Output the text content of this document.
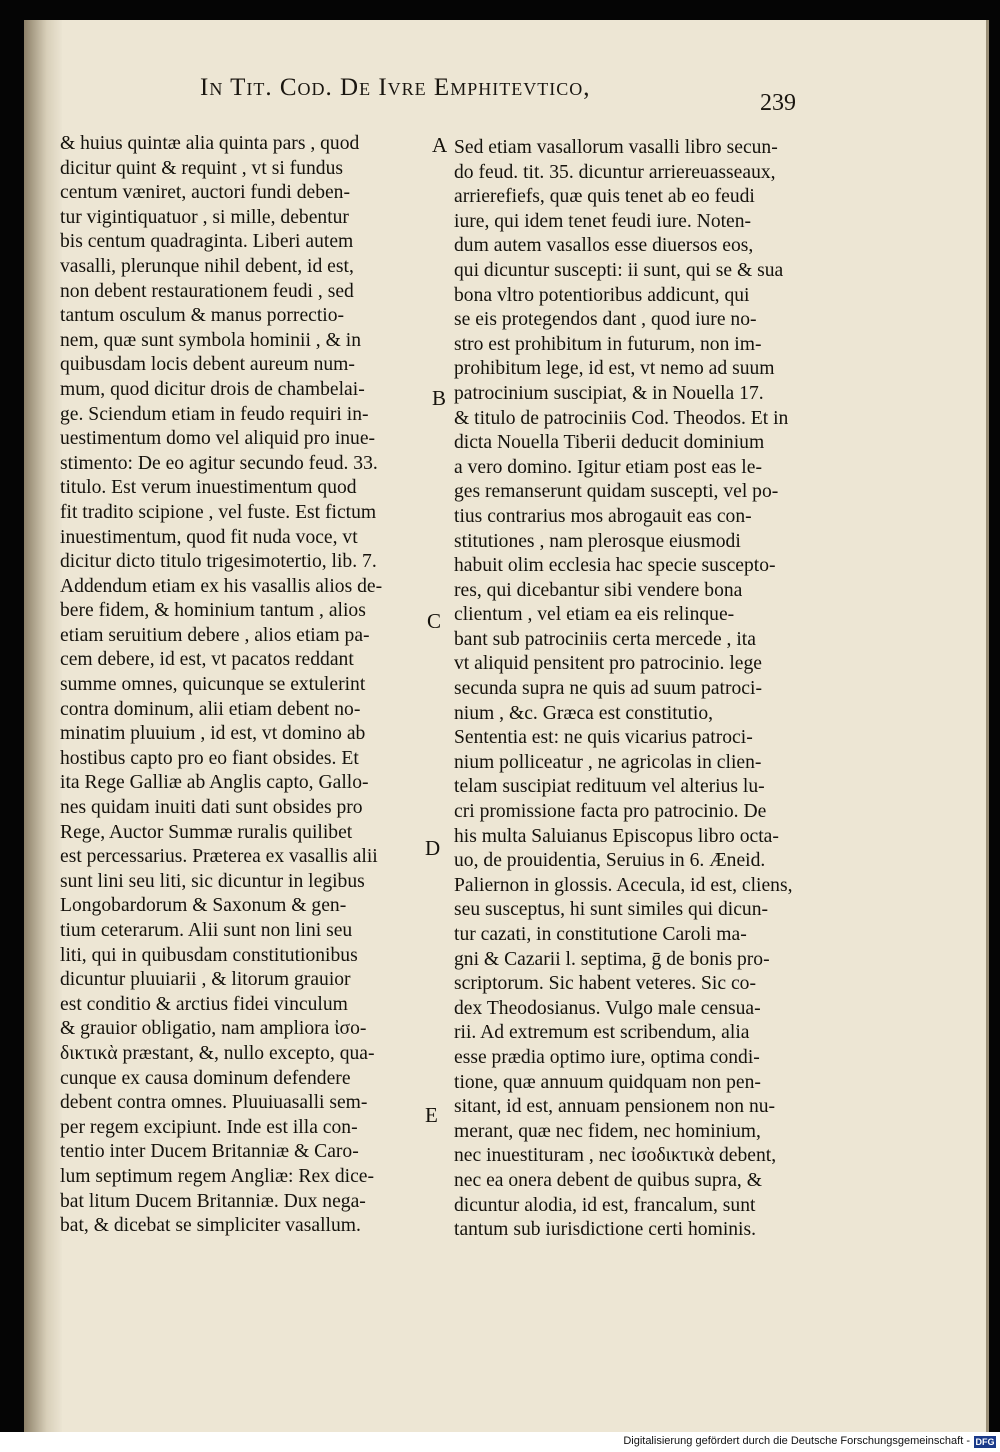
In Tit. Cod. De Ivre Emphitevtico,
239
& huius quintæ alia quinta pars , quod
dicitur quint & requint , vt si fundus
centum væniret, auctori fundi deben-
tur vigintiquatuor , si mille, debentur
bis centum quadraginta. Liberi autem
vasalli, plerunque nihil debent, id est,
non debent restaurationem feudi , sed
tantum osculum & manus porrectio-
nem, quæ sunt symbola hominii , & in
quibusdam locis debent aureum num-
mum, quod dicitur drois de chambelai-
ge. Sciendum etiam in feudo requiri in-
uestimentum domo vel aliquid pro inue-
stimento: De eo agitur secundo feud. 33.
titulo. Est verum inuestimentum quod
fit tradito scipione , vel fuste. Est fictum
inuestimentum, quod fit nuda voce, vt
dicitur dicto titulo trigesimotertio, lib. 7.
Addendum etiam ex his vasallis alios de-
bere fidem, & hominium tantum , alios
etiam seruitium debere , alios etiam pa-
cem debere, id est, vt pacatos reddant
summe omnes, quicunque se extulerint
contra dominum, alii etiam debent no-
minatim pluuium , id est, vt domino ab
hostibus capto pro eo fiant obsides. Et
ita Rege Galliæ ab Anglis capto, Gallo-
nes quidam inuiti dati sunt obsides pro
Rege, Auctor Summæ ruralis quilibet
est percessarius. Præterea ex vasallis alii
sunt lini seu liti, sic dicuntur in legibus
Longobardorum & Saxonum & gen-
tium ceterarum. Alii sunt non lini seu
liti, qui in quibusdam constitutionibus
dicuntur pluuiarii , & litorum grauior
est conditio & arctius fidei vinculum
& grauior obligatio, nam ampliora ἰσο-
δικτικὰ præstant, &, nullo excepto, qua-
cunque ex causa dominum defendere
debent contra omnes. Pluuiuasalli sem-
per regem excipiunt. Inde est illa con-
tentio inter Ducem Britanniæ & Caro-
lum septimum regem Angliæ: Rex dice-
bat litum Ducem Britanniæ. Dux nega-
bat, & dicebat se simpliciter vasallum.
Sed etiam vasallorum vasalli libro secun-
do feud. tit. 35. dicuntur arriereuasseaux,
arrierefiefs, quæ quis tenet ab eo feudi
iure, qui idem tenet feudi iure. Noten-
dum autem vasallos esse diuersos eos,
qui dicuntur suscepti: ii sunt, qui se & sua
bona vltro potentioribus addicunt, qui
se eis protegendos dant , quod iure no-
stro est prohibitum in futurum, non im-
prohibitum lege, id est, vt nemo ad suum
patrocinium suscipiat, & in Nouella 17.
& titulo de patrociniis Cod. Theodos. Et in
dicta Nouella Tiberii deducit dominium
a vero domino. Igitur etiam post eas le-
ges remanserunt quidam suscepti, vel po-
tius contrarius mos abrogauit eas con-
stitutiones , nam plerosque eiusmodi
habuit olim ecclesia hac specie suscepto-
res, qui dicebantur sibi vendere bona
clientum , vel etiam ea eis relinque-
bant sub patrociniis certa mercede , ita
vt aliquid pensitent pro patrocinio. lege
secunda supra ne quis ad suum patroci-
nium , &c. Græca est constitutio,
Sententia est: ne quis vicarius patroci-
nium polliceatur , ne agricolas in clien-
telam suscipiat redituum vel alterius lu-
cri promissione facta pro patrocinio. De
his multa Saluianus Episcopus libro octa-
uo, de prouidentia, Seruius in 6. Æneid.
Paliernon in glossis. Acecula, id est, cliens,
seu susceptus, hi sunt similes qui dicun-
tur cazati, in constitutione Caroli ma-
gni & Cazarii l. septima, ḡ de bonis pro-
scriptorum. Sic habent veteres. Sic co-
dex Theodosianus. Vulgo male censua-
rii. Ad extremum est scribendum, alia
esse prædia optimo iure, optima condi-
tione, quæ annuum quidquam non pen-
sitant, id est, annuam pensionem non nu-
merant, quæ nec fidem, nec hominium,
nec inuestituram , nec ἰσοδικτικὰ debent,
nec ea onera debent de quibus supra, &
dicuntur alodia, id est, francalum, sunt
tantum sub iurisdictione certi hominis.
A
B
C
D
E
Digitalisierung gefördert durch die Deutsche Forschungsgemeinschaft - DFG
